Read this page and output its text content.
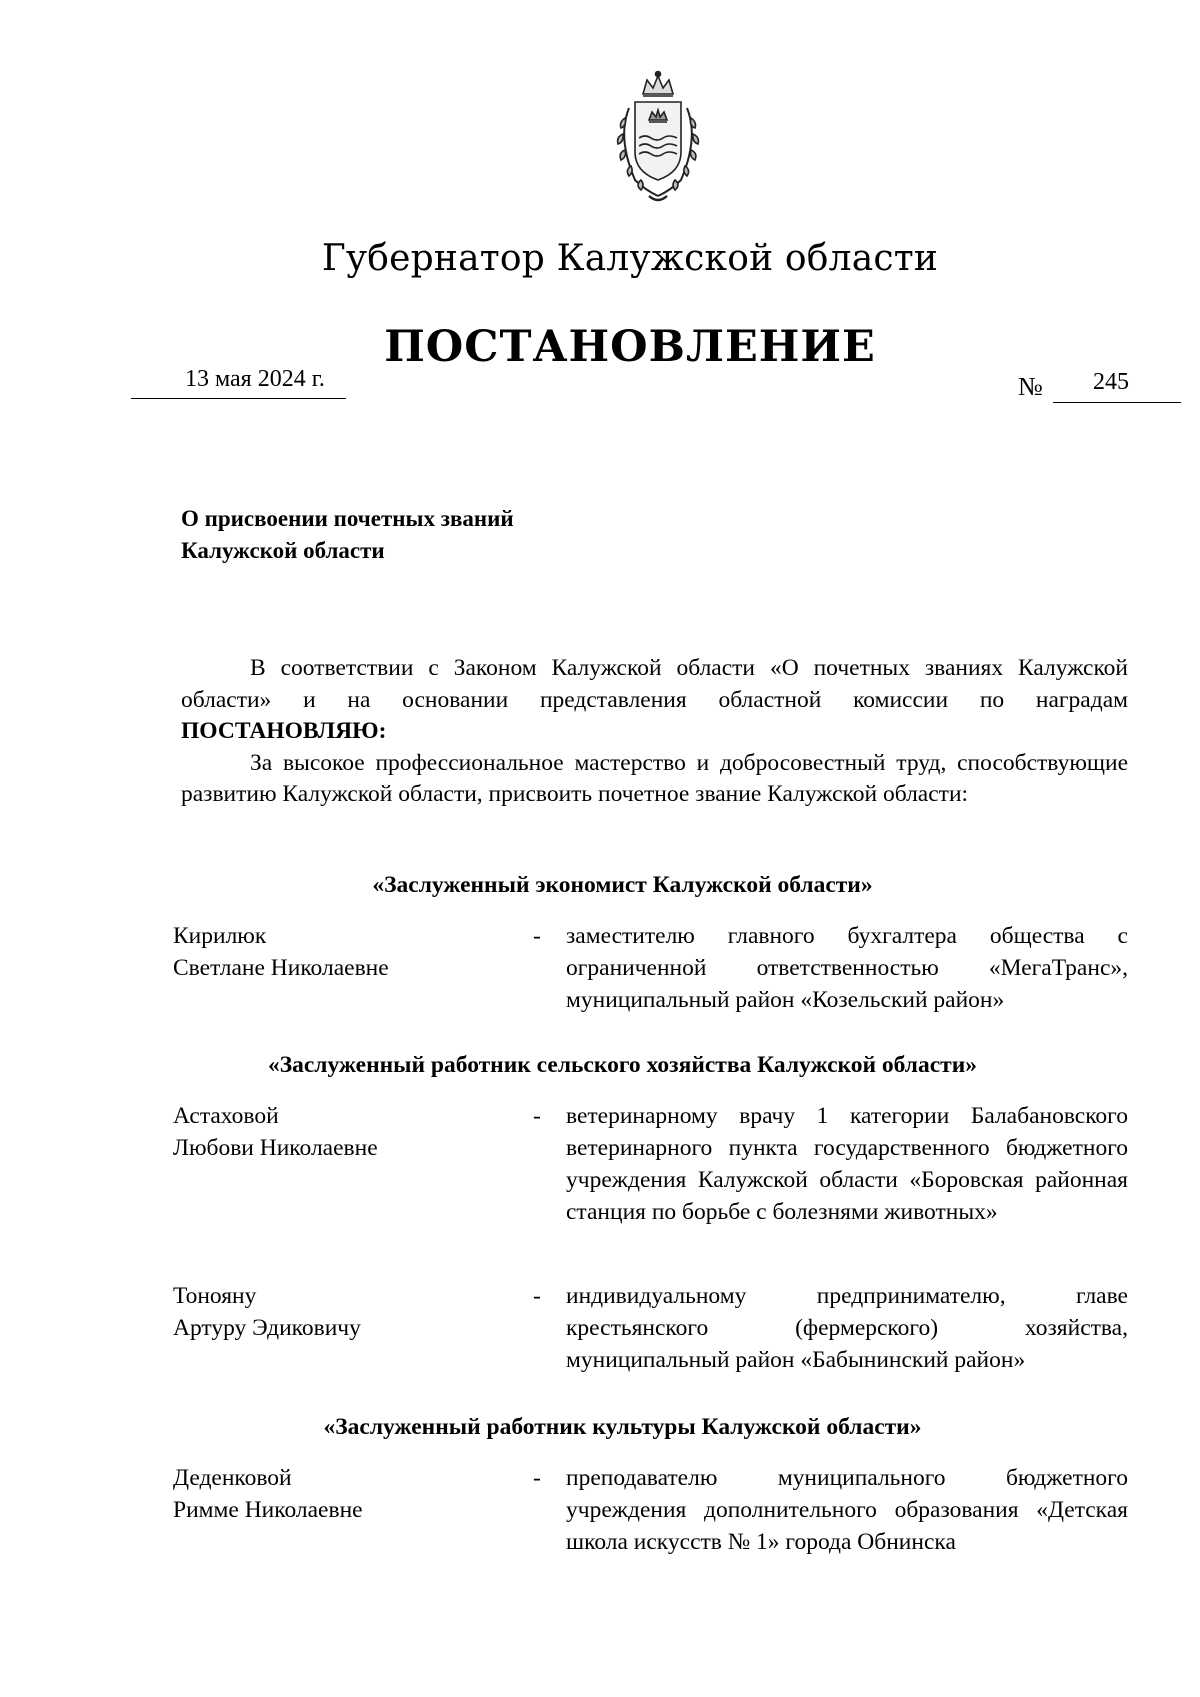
Губернатор Калужской области
ПОСТАНОВЛЕНИЕ
13 мая 2024 г.	№ 245
О присвоении почетных званий
Калужской области

В соответствии с Законом Калужской области «О почетных званиях Калужской области» и на основании представления областной комиссии по наградам ПОСТАНОВЛЯЮ:

За высокое профессиональное мастерство и добросовестный труд, способствующие развитию Калужской области, присвоить почетное звание Калужской области:

«Заслуженный экономист Калужской области»
Кирилюк
Светлане Николаевне
- заместителю главного бухгалтера общества с ограниченной ответственностью «МегаТранс», муниципальный район «Козельский район»
«Заслуженный работник сельского хозяйства Калужской области»
Астаховой
Любови Николаевне
- ветеринарному врачу 1 категории Балабановского ветеринарного пункта государственного бюджетного учреждения Калужской области «Боровская районная станция по борьбе с болезнями животных»
Тонояну
Артуру Эдиковичу
- индивидуальному предпринимателю, главе крестьянского (фермерского) хозяйства, муниципальный район «Бабынинский район»
«Заслуженный работник культуры Калужской области»
Деденковой
Римме Николаевне
- преподавателю муниципального бюджетного учреждения дополнительного образования «Детская школа искусств № 1» города Обнинска
